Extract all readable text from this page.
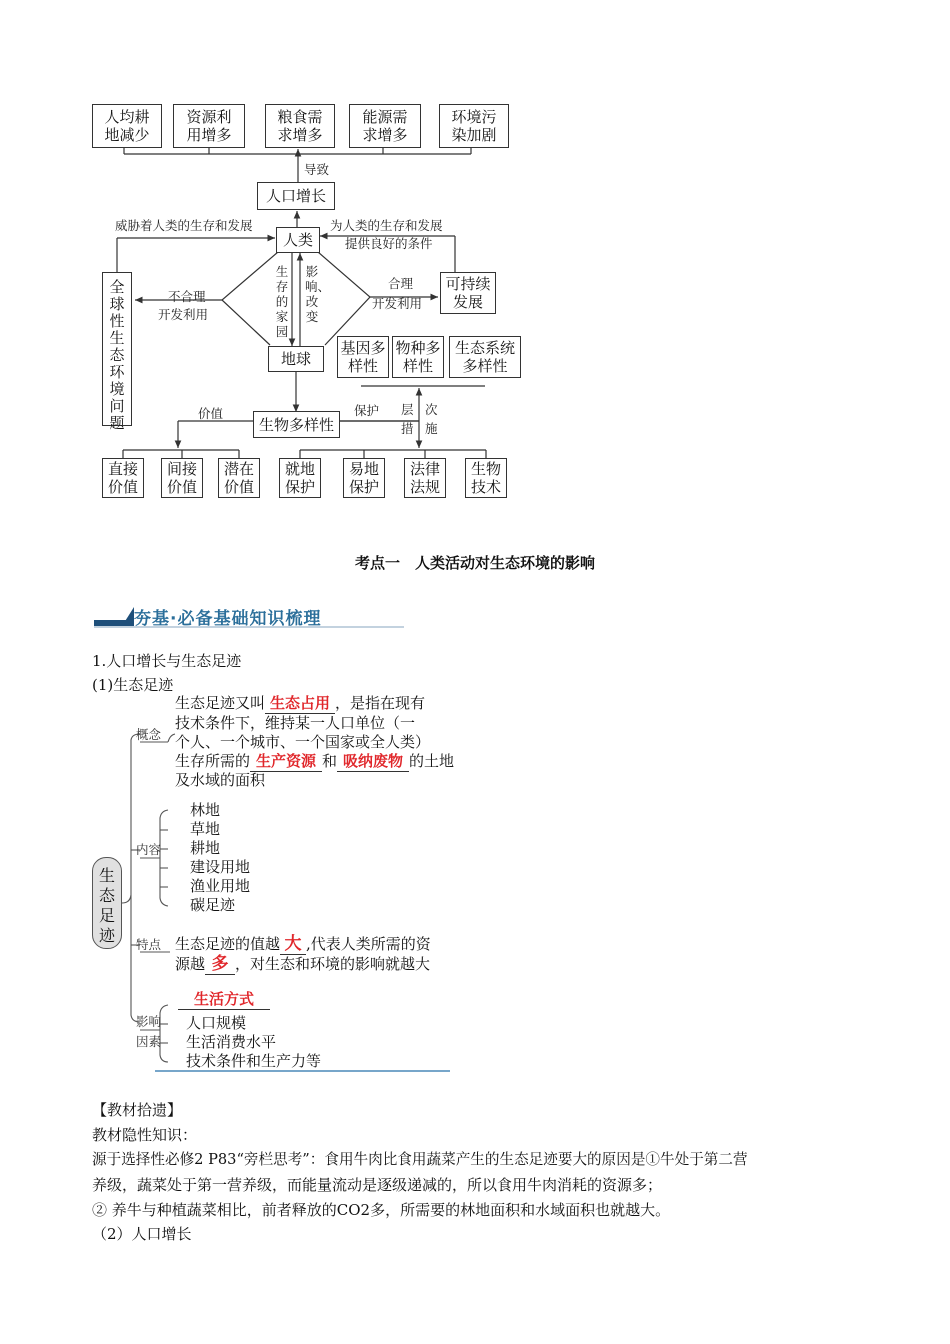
人均耕地减少
资源利用增多
粮食需求增多
能源需求增多
环境污染加剧
导致
人口增长
威胁着人类的生存和发展	为人类的生存和发展
提供良好的条件
人类
全球性生态环境问题
不合理
开发利用
生存的家园
影响、改变
合理
开发利用
可持续发展
地球
基因多样性
物种多样性
生态系统多样性
层 次
价值
生物多样性
保护
措 施
直接价值
间接价值
潜在价值
就地保护
易地保护
法律法规
生物技术
考点一　人类活动对生态环境的影响
夯基·必备基础知识梳理
1.人口增长与生态足迹
(1)生态足迹
生态足迹
概念
生态足迹又叫 生态占用 ，是指在现有
技术条件下，维持某一人口单位（一
个人、一个城市、一个国家或全人类）
生存所需的 生产资源 和 吸纳废物 的土地
及水域的面积
内容
林地
草地
耕地
建设用地
渔业用地
碳足迹
特点 生态足迹的值越 大 ,代表人类所需的资
源越 多 ，对生态和环境的影响就越大
影响
因素
生活方式
人口规模
生活消费水平
技术条件和生产力等
【教材拾遗】
教材隐性知识：
源于选择性必修2 P83“旁栏思考”：食用牛肉比食用蔬菜产生的生态足迹要大的原因是①牛处于第二营
养级，蔬菜处于第一营养级，而能量流动是逐级递减的，所以食用牛肉消耗的资源多；
② 养牛与种植蔬菜相比，前者释放的CO2多，所需要的林地面积和水域面积也就越大。
（2）人口增长
